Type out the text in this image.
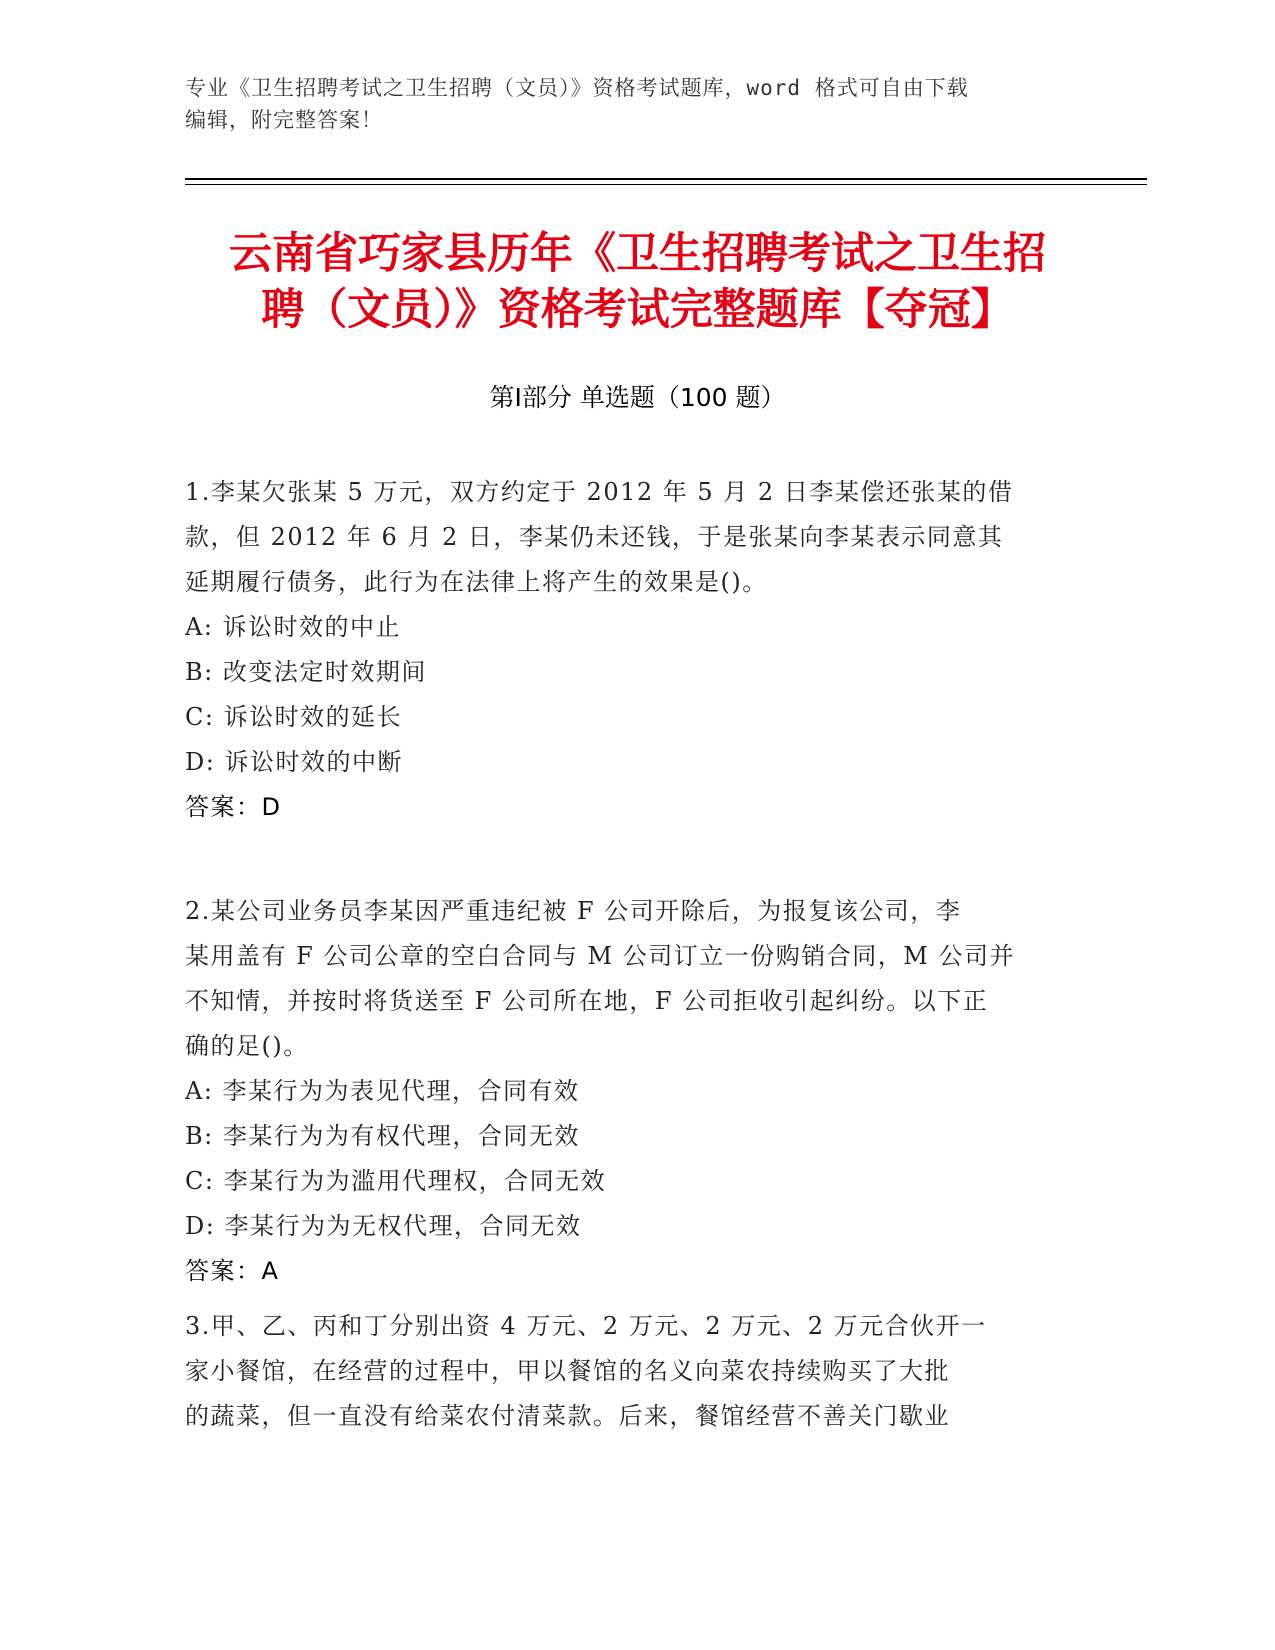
专业《卫生招聘考试之卫生招聘（文员）》资格考试题库，word 格式可自由下载
编辑，附完整答案！
云南省巧家县历年《卫生招聘考试之卫生招
聘（文员）》资格考试完整题库【夺冠】
第Ⅰ部分 单选题（100 题）

1.李某欠张某 5 万元，双方约定于 2012 年 5 月 2 日李某偿还张某的借

款，但 2012 年 6 月 2 日，李某仍未还钱，于是张某向李某表示同意其

延期履行债务，此行为在法律上将产生的效果是()。

A: 诉讼时效的中止

B: 改变法定时效期间

C: 诉讼时效的延长

D: 诉讼时效的中断

答案：D

2.某公司业务员李某因严重违纪被 F 公司开除后，为报复该公司，李

某用盖有 F 公司公章的空白合同与 M 公司订立一份购销合同，M 公司并

不知情，并按时将货送至 F 公司所在地，F 公司拒收引起纠纷。以下正

确的足()。

A: 李某行为为表见代理，合同有效

B: 李某行为为有权代理，合同无效

C: 李某行为为滥用代理权，合同无效

D: 李某行为为无权代理，合同无效

答案：A

3.甲、乙、丙和丁分别出资 4 万元、2 万元、2 万元、2 万元合伙开一

家小餐馆，在经营的过程中，甲以餐馆的名义向菜农持续购买了大批

的蔬菜，但一直没有给菜农付清菜款。后来，餐馆经营不善关门歇业
